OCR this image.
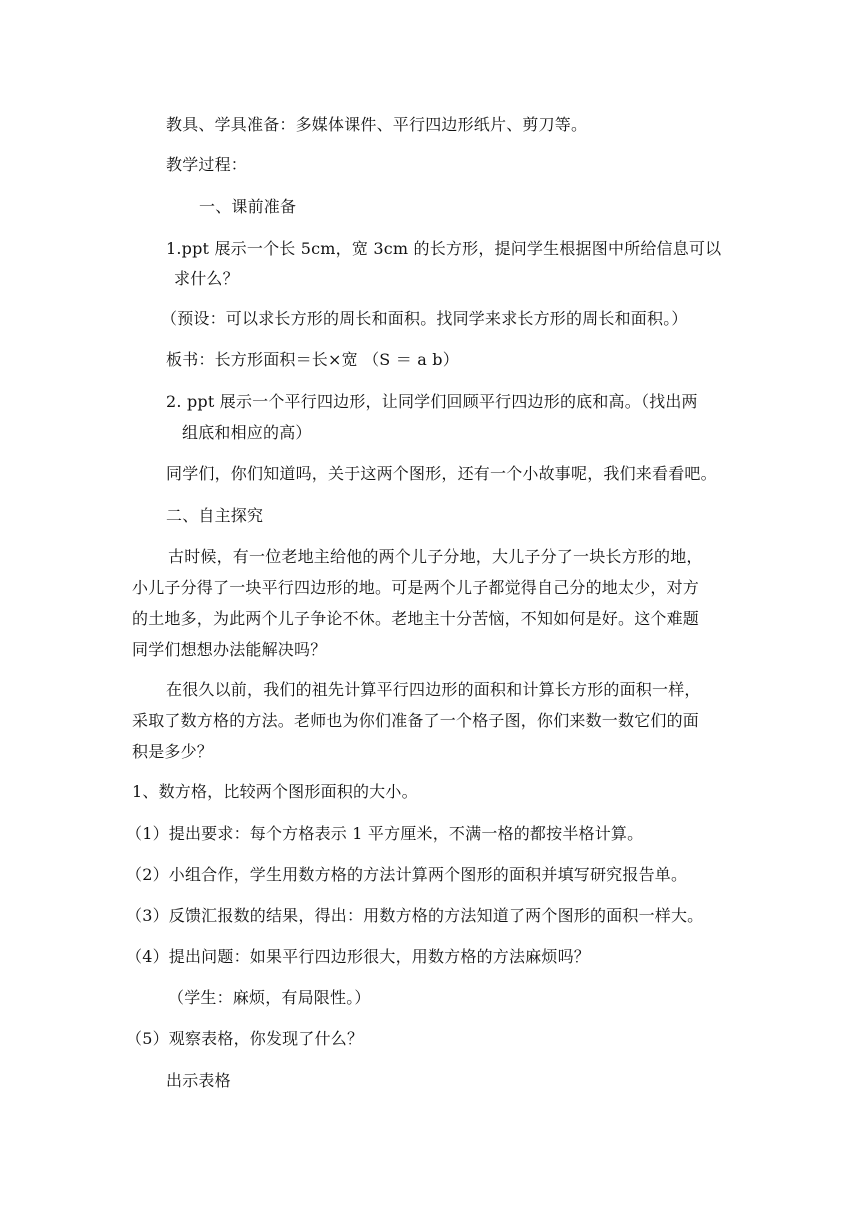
教具、学具准备：多媒体课件、平行四边形纸片、剪刀等。
教学过程：
一、课前准备
1.ppt 展示一个长 5cm，宽 3cm 的长方形，提问学生根据图中所给信息可以
求什么？
（预设：可以求长方形的周长和面积。找同学来求长方形的周长和面积。）
板书：长方形面积＝长×宽 （S ＝ a b）
2. ppt 展示一个平行四边形，让同学们回顾平行四边形的底和高。（找出两
组底和相应的高）
同学们，你们知道吗，关于这两个图形，还有一个小故事呢，我们来看看吧。
二、自主探究
古时候，有一位老地主给他的两个儿子分地，大儿子分了一块长方形的地，
小儿子分得了一块平行四边形的地。可是两个儿子都觉得自己分的地太少，对方
的土地多，为此两个儿子争论不休。老地主十分苦恼，不知如何是好。这个难题
同学们想想办法能解决吗？
在很久以前，我们的祖先计算平行四边形的面积和计算长方形的面积一样，
采取了数方格的方法。老师也为你们准备了一个格子图，你们来数一数它们的面
积是多少？
1、数方格，比较两个图形面积的大小。
（1）提出要求：每个方格表示 1 平方厘米，不满一格的都按半格计算。
（2）小组合作，学生用数方格的方法计算两个图形的面积并填写研究报告单。
（3）反馈汇报数的结果，得出：用数方格的方法知道了两个图形的面积一样大。
（4）提出问题：如果平行四边形很大，用数方格的方法麻烦吗？
（学生：麻烦，有局限性。）
（5）观察表格，你发现了什么？
出示表格
